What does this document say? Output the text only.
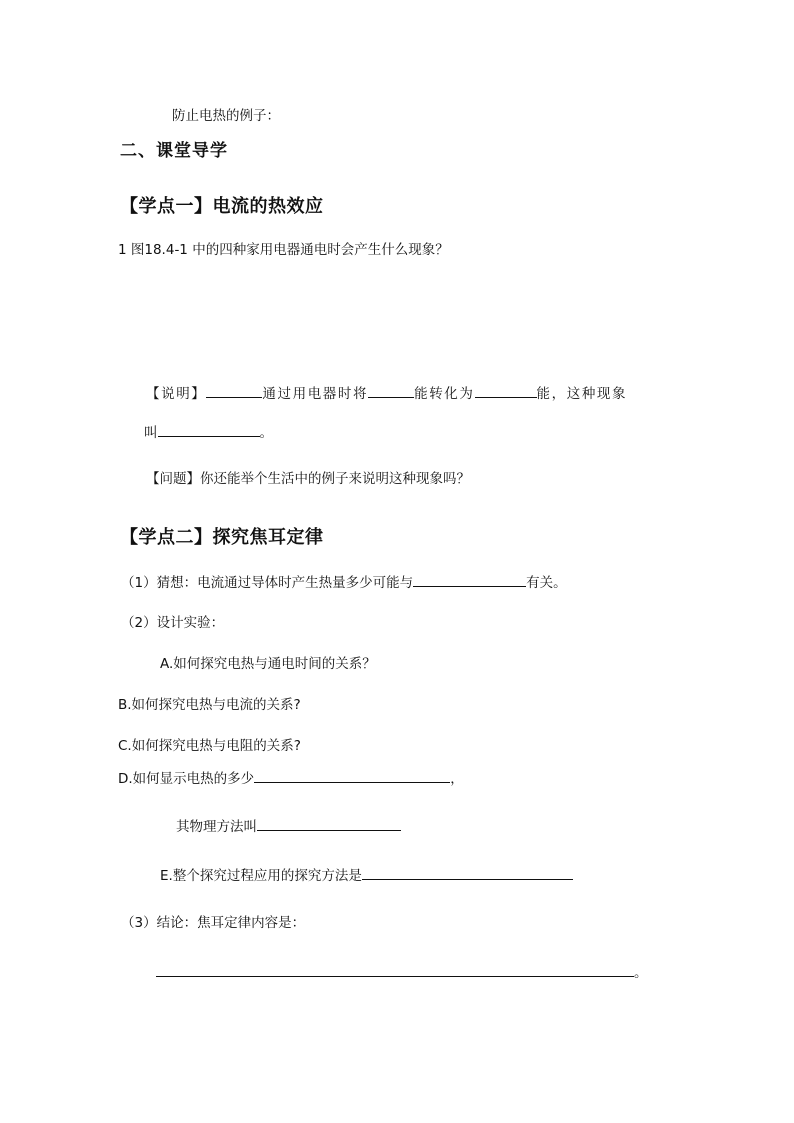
防止电热的例子：
二、课堂导学
【学点一】电流的热效应
1 图18.4-1 中的四种家用电器通电时会产生什么现象？
【说明】	通过用电器时将	能转化为	能，这种现象
叫	。
【问题】你还能举个生活中的例子来说明这种现象吗？
【学点二】探究焦耳定律
（1）猜想：电流通过导体时产生热量多少可能与	有关。
（2）设计实验：
A.如何探究电热与通电时间的关系？
B.如何探究电热与电流的关系?
C.如何探究电热与电阻的关系?
D.如何显示电热的多少	，
其物理方法叫
E.整个探究过程应用的探究方法是
（3）结论：焦耳定律内容是：
。
